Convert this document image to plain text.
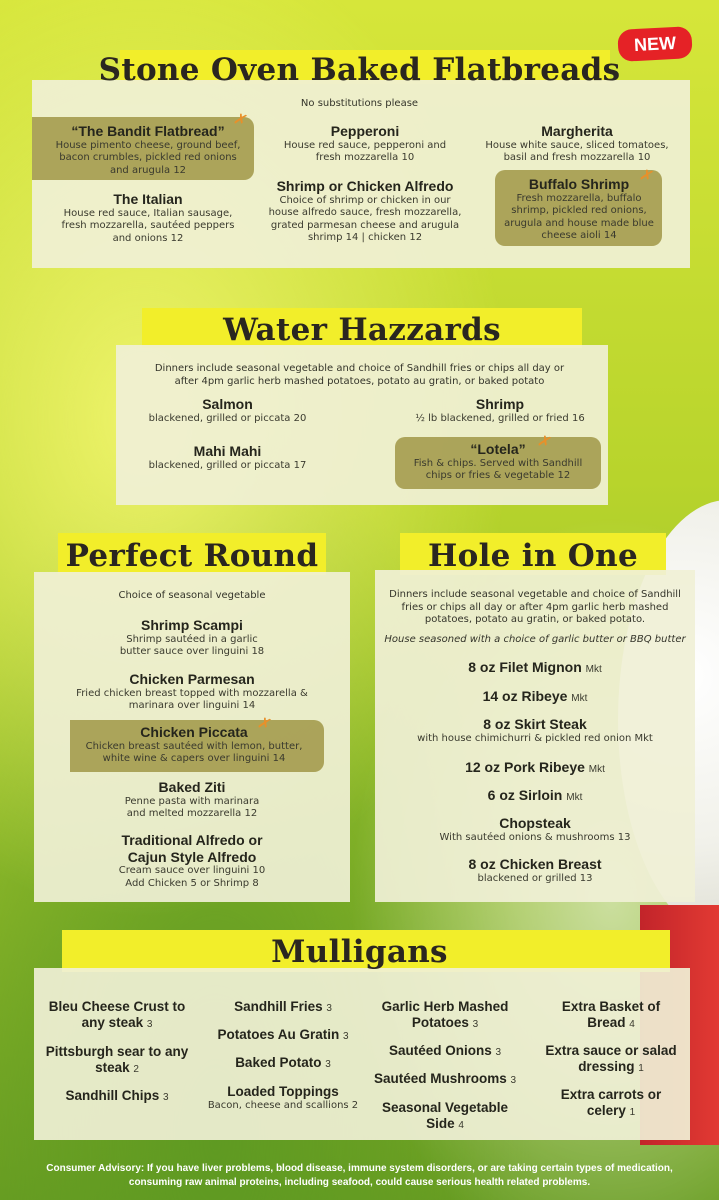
NEW
Stone Oven Baked Flatbreads
No substitutions please
✗
“The Bandit Flatbread”
House pimento cheese, ground beef, bacon crumbles, pickled red onions and arugula 12
Pepperoni
House red sauce, pepperoni and fresh mozzarella 10
Margherita
House white sauce, sliced tomatoes, basil and fresh mozzarella 10
The Italian
House red sauce, Italian sausage, fresh mozzarella, sautéed peppers and onions 12
Shrimp or Chicken Alfredo
Choice of shrimp or chicken in our house alfredo sauce, fresh mozzarella, grated parmesan cheese and arugula shrimp 14 | chicken 12
✗
Buffalo Shrimp
Fresh mozzarella, buffalo shrimp, pickled red onions, arugula and house made blue cheese aioli 14
Water Hazzards
Dinners include seasonal vegetable and choice of Sandhill fries or chips all day or after 4pm garlic herb mashed potatoes, potato au gratin, or baked potato
Salmon
blackened, grilled or piccata 20
Shrimp
½ lb blackened, grilled or fried 16
Mahi Mahi
blackened, grilled or piccata 17
✗
“Lotela”
Fish & chips. Served with Sandhill chips or fries & vegetable 12
Perfect Round
Choice of seasonal vegetable
Shrimp Scampi
Shrimp sautéed in a garlic butter sauce over linguini 18
Chicken Parmesan
Fried chicken breast topped with mozzarella & marinara over linguini 14
✗
Chicken Piccata
Chicken breast sautéed with lemon, butter, white wine & capers over linguini 14
Baked Ziti
Penne pasta with marinara and melted mozzarella 12
Traditional Alfredo or Cajun Style Alfredo
Cream sauce over linguini 10
Add Chicken 5 or Shrimp 8
Hole in One
Dinners include seasonal vegetable and choice of Sandhill fries or chips all day or after 4pm garlic herb mashed potatoes, potato au gratin, or baked potato.
House seasoned with a choice of garlic butter or BBQ butter
8 oz Filet Mignon Mkt
14 oz Ribeye Mkt
8 oz Skirt Steak
with house chimichurri & pickled red onion Mkt
12 oz Pork Ribeye Mkt
6 oz Sirloin Mkt
Chopsteak
With sautéed onions & mushrooms 13
8 oz Chicken Breast
blackened or grilled 13
Mulligans
Bleu Cheese Crust to any steak 3
Pittsburgh sear to any steak 2
Sandhill Chips 3
Sandhill Fries 3
Potatoes Au Gratin 3
Baked Potato 3
Loaded Toppings
Bacon, cheese and scallions 2
Garlic Herb Mashed Potatoes 3
Sautéed Onions 3
Sautéed Mushrooms 3
Seasonal Vegetable Side 4
Extra Basket of Bread 4
Extra sauce or salad dressing 1
Extra carrots or celery 1
Consumer Advisory: If you have liver problems, blood disease, immune system disorders, or are taking certain types of medication, consuming raw animal proteins, including seafood, could cause serious health related problems.
